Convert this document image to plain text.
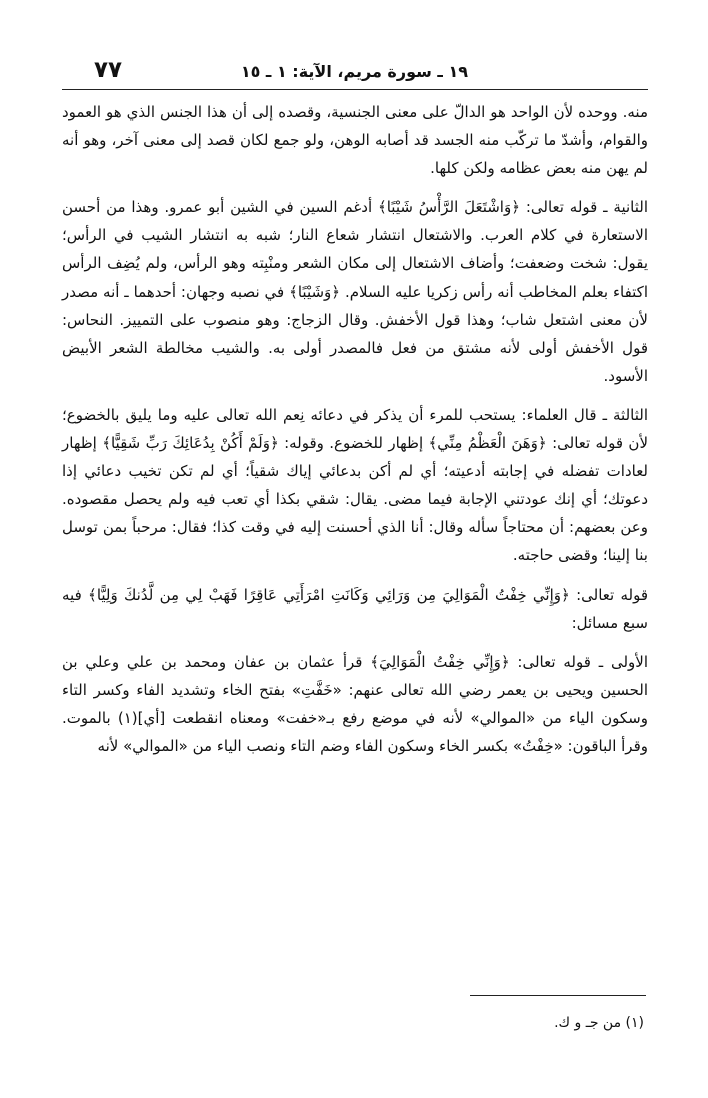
٧٧	١٩ ـ سورة مريم، الآية: ١ ـ ١٥

منه. ووحده لأن الواحد هو الدالّ على معنى الجنسية، وقصده إلى أن هذا الجنس الذي هو العمود والقوام، وأشدّ ما تركّب منه الجسد قد أصابه الوهن، ولو جمع لكان قصد إلى معنى آخر، وهو أنه لم يهن منه بعض عظامه ولكن كلها.

الثانية ـ قوله تعالى: ﴿وَاشْتَعَلَ الرَّأْسُ شَيْبًا﴾ أدغم السين في الشين أبو عمرو. وهذا من أحسن الاستعارة في كلام العرب. والاشتعال انتشار شعاع النار؛ شبه به انتشار الشيب في الرأس؛ يقول: شخت وضعفت؛ وأضاف الاشتعال إلى مكان الشعر ومنْبِته وهو الرأس، ولم يُضِف الرأس اكتفاء بعلم المخاطب أنه رأس زكريا عليه السلام. ﴿وَشَيْبًا﴾ في نصبه وجهان: أحدهما ـ أنه مصدر لأن معنى اشتعل شاب؛ وهذا قول الأخفش. وقال الزجاج: وهو منصوب على التمييز. النحاس: قول الأخفش أولى لأنه مشتق من فعل فالمصدر أولى به. والشيب مخالطة الشعر الأبيض الأسود.

الثالثة ـ قال العلماء: يستحب للمرء أن يذكر في دعائه نِعم الله تعالى عليه وما يليق بالخضوع؛ لأن قوله تعالى: ﴿وَهَنَ الْعَظْمُ مِنِّي﴾ إظهار للخضوع. وقوله: ﴿وَلَمْ أَكُنْ بِدُعَائِكَ رَبِّ شَقِيًّا﴾ إظهار لعادات تفضله في إجابته أدعيته؛ أي لم أكن بدعائي إياك شقياً؛ أي لم تكن تخيب دعائي إذا دعوتك؛ أي إنك عودتني الإجابة فيما مضى. يقال: شقي بكذا أي تعب فيه ولم يحصل مقصوده. وعن بعضهم: أن محتاجاً سأله وقال: أنا الذي أحسنت إليه في وقت كذا؛ فقال: مرحباً بمن توسل بنا إلينا؛ وقضى حاجته.

قوله تعالى: ﴿وَإِنِّي خِفْتُ الْمَوَالِيَ مِن وَرَائِي وَكَانَتِ امْرَأَتِي عَاقِرًا فَهَبْ لِي مِن لَّدُنكَ وَلِيًّا﴾ فيه سبع مسائل:

الأولى ـ قوله تعالى: ﴿وَإِنِّي خِفْتُ الْمَوَالِيَ﴾ قرأ عثمان بن عفان ومحمد بن علي وعلي بن الحسين ويحيى بن يعمر رضي الله تعالى عنهم: «خَفَّتِ» بفتح الخاء وتشديد الفاء وكسر التاء وسكون الياء من «الموالي» لأنه في موضع رفع بـ«خفت» ومعناه انقطعت [أي](١) بالموت. وقرأ الباقون: «خِفْتُ» بكسر الخاء وسكون الفاء وضم التاء ونصب الياء من «الموالي» لأنه

(١) من جـ و ك.
